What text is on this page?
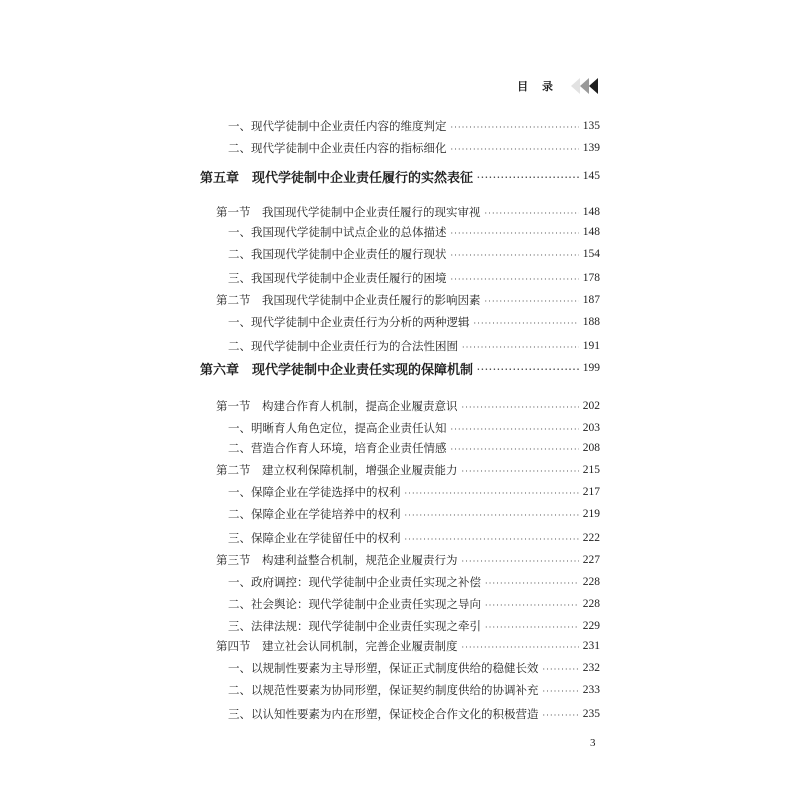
目 录
一、现代学徒制中企业责任内容的维度判定 ·····	135
二、现代学徒制中企业责任内容的指标细化 ·····	139
第五章　现代学徒制中企业责任履行的实然表征 ·····	145
第一节　我国现代学徒制中企业责任履行的现实审视 ·····	148
一、我国现代学徒制中试点企业的总体描述 ·····	148
二、我国现代学徒制中企业责任的履行现状 ·····	154
三、我国现代学徒制中企业责任履行的困境 ·····	178
第二节　我国现代学徒制中企业责任履行的影响因素 ·····	187
一、现代学徒制中企业责任行为分析的两种逻辑 ·····	188
二、现代学徒制中企业责任行为的合法性困囿 ·····	191
第六章　现代学徒制中企业责任实现的保障机制 ·····	199
第一节　构建合作育人机制，提高企业履责意识 ·····	202
一、明晰育人角色定位，提高企业责任认知 ·····	203
二、营造合作育人环境，培育企业责任情感 ·····	208
第二节　建立权利保障机制，增强企业履责能力 ·····	215
一、保障企业在学徒选择中的权利 ·····	217
二、保障企业在学徒培养中的权利 ·····	219
三、保障企业在学徒留任中的权利 ·····	222
第三节　构建利益整合机制，规范企业履责行为 ·····	227
一、政府调控：现代学徒制中企业责任实现之补偿 ·····	228
二、社会舆论：现代学徒制中企业责任实现之导向 ·····	228
三、法律法规：现代学徒制中企业责任实现之牵引 ·····	229
第四节　建立社会认同机制，完善企业履责制度 ·····	231
一、以规制性要素为主导形塑，保证正式制度供给的稳健长效 ·····	232
二、以规范性要素为协同形塑，保证契约制度供给的协调补充 ·····	233
三、以认知性要素为内在形塑，保证校企合作文化的积极营造 ·····	235
3
